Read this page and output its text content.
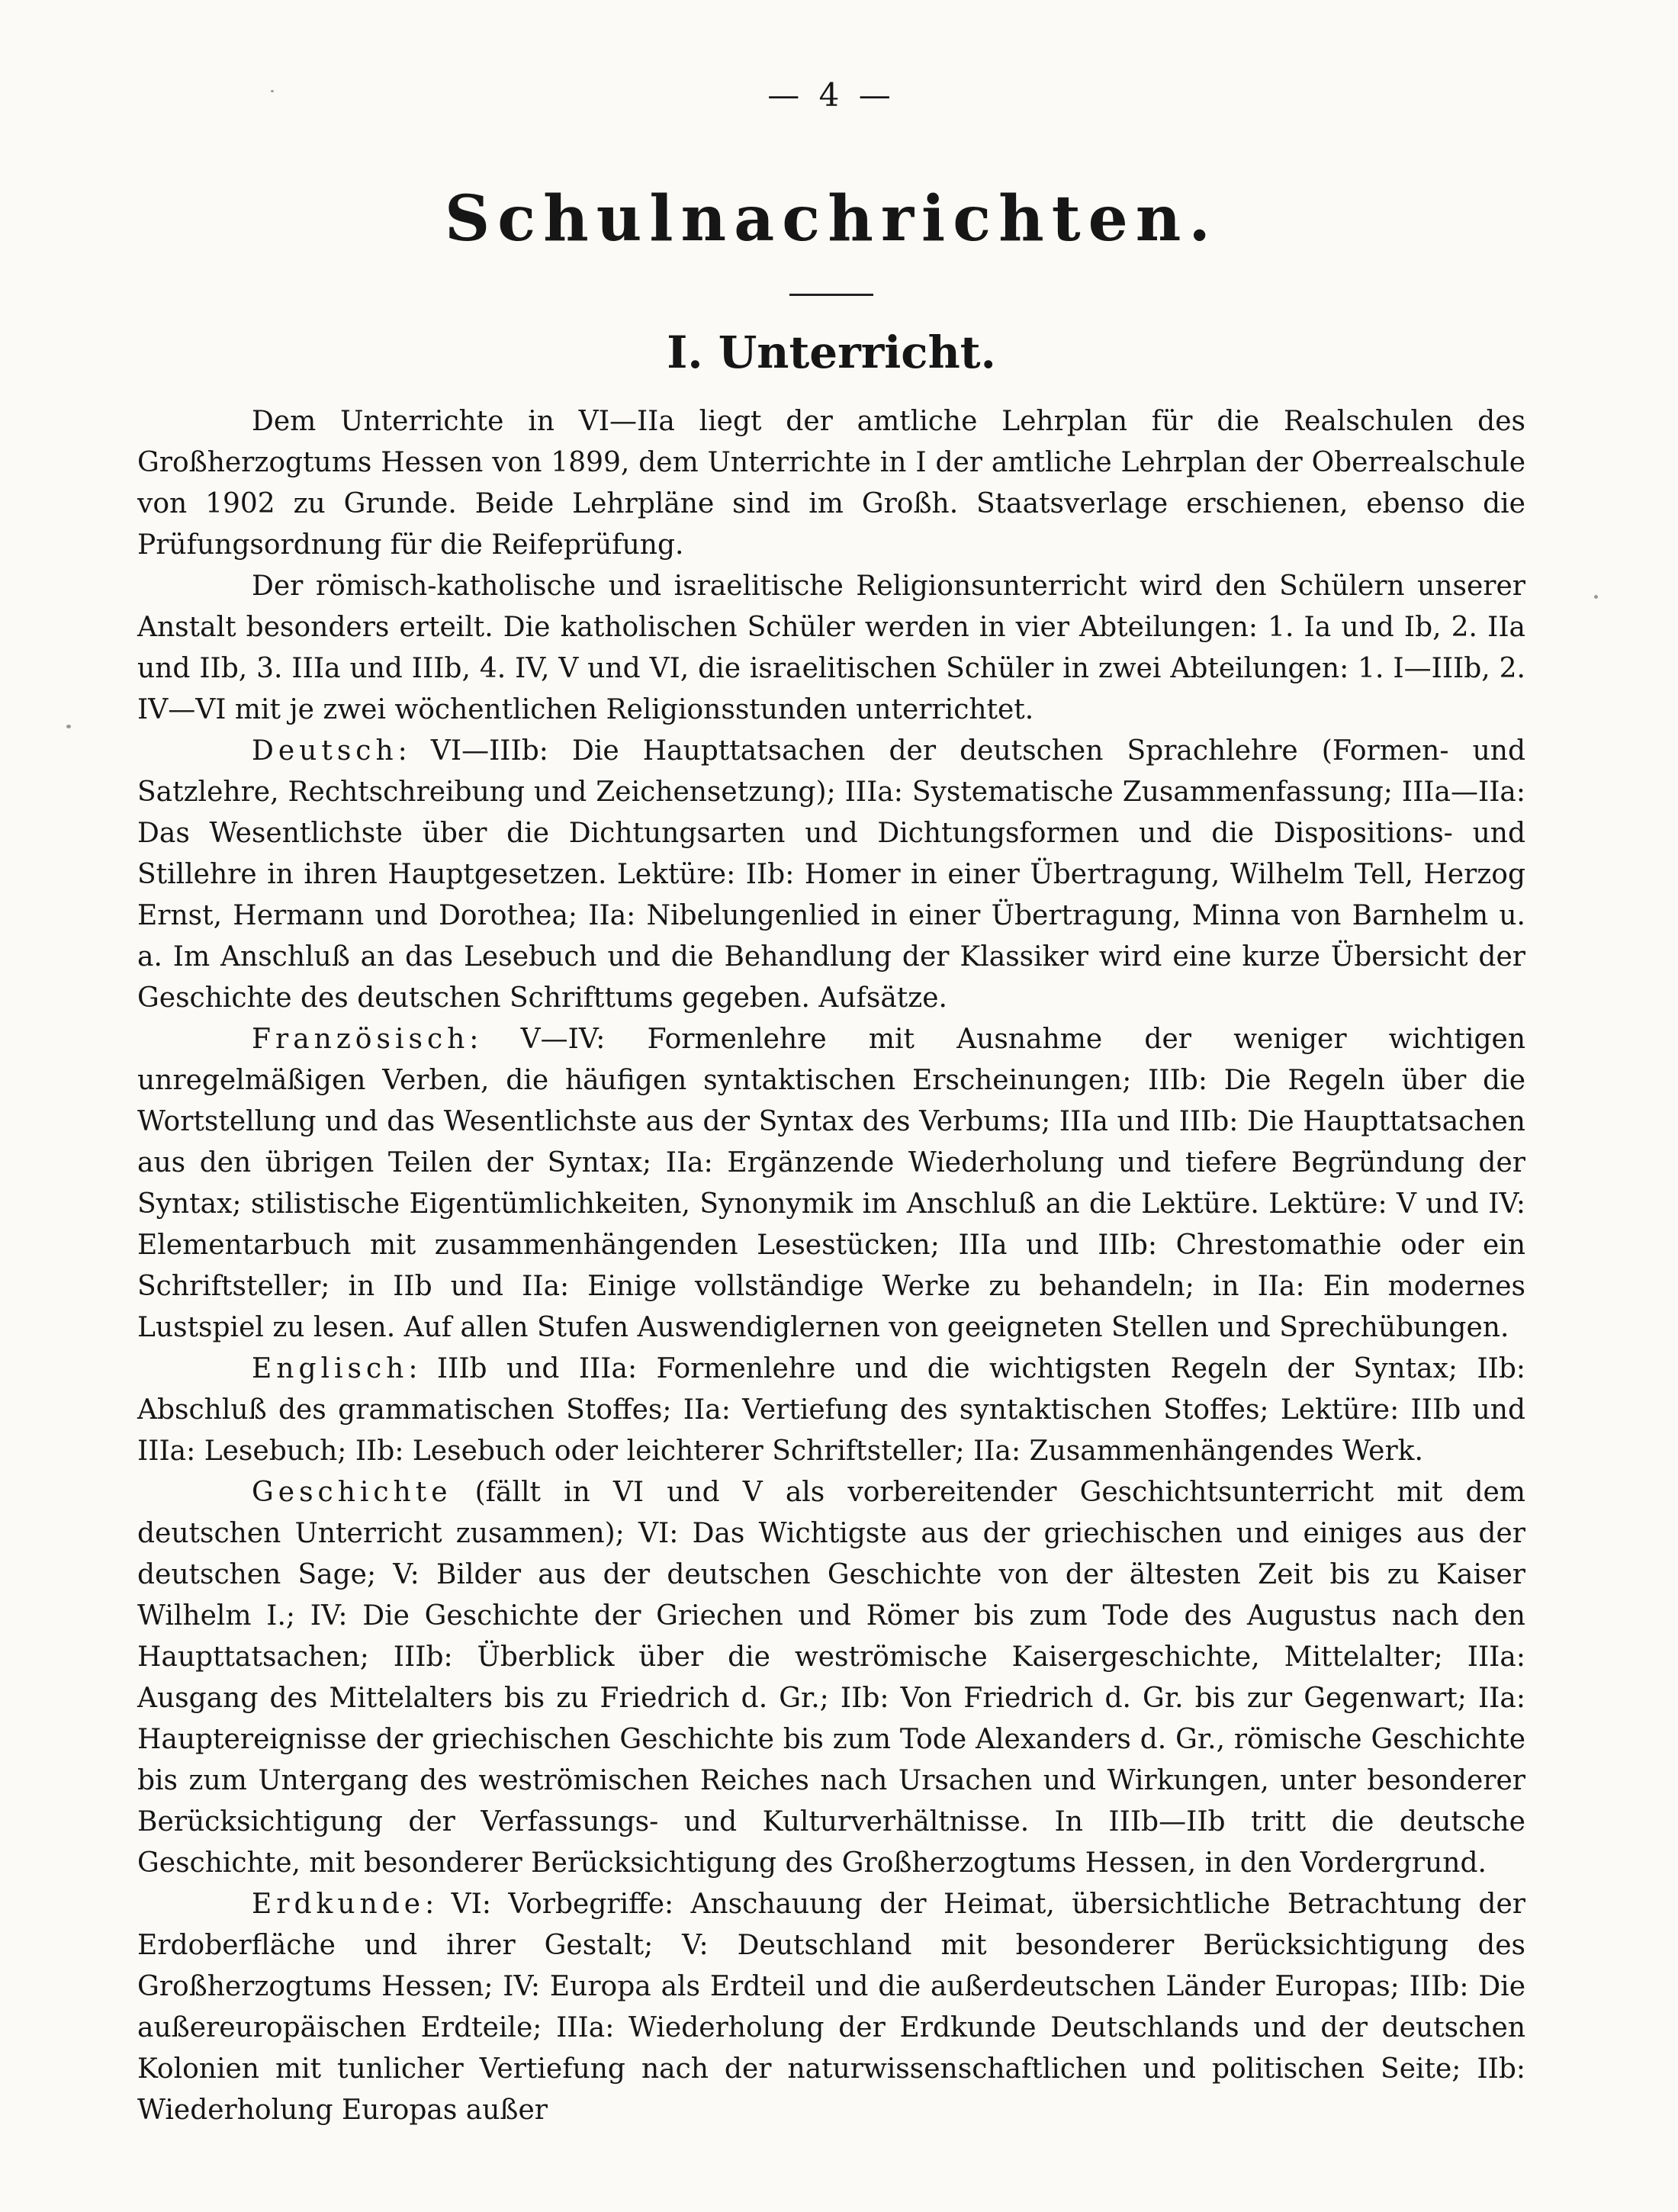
— 4 —
Schulnachrichten.
I. Unterricht.

Dem Unterrichte in VI—IIa liegt der amtliche Lehrplan für die Realschulen des Großherzogtums Hessen von 1899, dem Unterrichte in I der amtliche Lehrplan der Oberrealschule von 1902 zu Grunde. Beide Lehrpläne sind im Großh. Staatsverlage erschienen, ebenso die Prüfungsordnung für die Reifeprüfung.

Der römisch-katholische und israelitische Religionsunterricht wird den Schülern unserer Anstalt besonders erteilt. Die katholischen Schüler werden in vier Abteilungen: 1. Ia und Ib, 2. IIa und IIb, 3. IIIa und IIIb, 4. IV, V und VI, die israelitischen Schüler in zwei Abteilungen: 1. I—IIIb, 2. IV—VI mit je zwei wöchentlichen Religionsstunden unterrichtet.

Deutsch: VI—IIIb: Die Haupttatsachen der deutschen Sprachlehre (Formen- und Satzlehre, Rechtschreibung und Zeichensetzung); IIIa: Systematische Zusammenfassung; IIIa—IIa: Das Wesentlichste über die Dichtungsarten und Dichtungsformen und die Dispositions- und Stillehre in ihren Hauptgesetzen. Lektüre: IIb: Homer in einer Übertragung, Wilhelm Tell, Herzog Ernst, Hermann und Dorothea; IIa: Nibelungenlied in einer Übertragung, Minna von Barnhelm u. a. Im Anschluß an das Lesebuch und die Behandlung der Klassiker wird eine kurze Übersicht der Geschichte des deutschen Schrifttums gegeben. Aufsätze.

Französisch: V—IV: Formenlehre mit Ausnahme der weniger wichtigen unregelmäßigen Verben, die häufigen syntaktischen Erscheinungen; IIIb: Die Regeln über die Wortstellung und das Wesentlichste aus der Syntax des Verbums; IIIa und IIIb: Die Haupttatsachen aus den übrigen Teilen der Syntax; IIa: Ergänzende Wiederholung und tiefere Begründung der Syntax; stilistische Eigentümlichkeiten, Synonymik im Anschluß an die Lektüre. Lektüre: V und IV: Elementarbuch mit zusammenhängenden Lesestücken; IIIa und IIIb: Chrestomathie oder ein Schriftsteller; in IIb und IIa: Einige vollständige Werke zu behandeln; in IIa: Ein modernes Lustspiel zu lesen. Auf allen Stufen Auswendiglernen von geeigneten Stellen und Sprechübungen.

Englisch: IIIb und IIIa: Formenlehre und die wichtigsten Regeln der Syntax; IIb: Abschluß des grammatischen Stoffes; IIa: Vertiefung des syntaktischen Stoffes; Lektüre: IIIb und IIIa: Lesebuch; IIb: Lesebuch oder leichterer Schriftsteller; IIa: Zusammenhängendes Werk.

Geschichte (fällt in VI und V als vorbereitender Geschichtsunterricht mit dem deutschen Unterricht zusammen); VI: Das Wichtigste aus der griechischen und einiges aus der deutschen Sage; V: Bilder aus der deutschen Geschichte von der ältesten Zeit bis zu Kaiser Wilhelm I.; IV: Die Geschichte der Griechen und Römer bis zum Tode des Augustus nach den Haupttatsachen; IIIb: Überblick über die weströmische Kaisergeschichte, Mittelalter; IIIa: Ausgang des Mittelalters bis zu Friedrich d. Gr.; IIb: Von Friedrich d. Gr. bis zur Gegenwart; IIa: Hauptereignisse der griechischen Geschichte bis zum Tode Alexanders d. Gr., römische Geschichte bis zum Untergang des weströmischen Reiches nach Ursachen und Wirkungen, unter besonderer Berücksichtigung der Verfassungs- und Kulturverhältnisse. In IIIb—IIb tritt die deutsche Geschichte, mit besonderer Berücksichtigung des Großherzogtums Hessen, in den Vordergrund.

Erdkunde: VI: Vorbegriffe: Anschauung der Heimat, übersichtliche Betrachtung der Erdoberfläche und ihrer Gestalt; V: Deutschland mit besonderer Berücksichtigung des Großherzogtums Hessen; IV: Europa als Erdteil und die außerdeutschen Länder Europas; IIIb: Die außereuropäischen Erdteile; IIIa: Wiederholung der Erdkunde Deutschlands und der deutschen Kolonien mit tunlicher Vertiefung nach der naturwissenschaftlichen und politischen Seite; IIb: Wiederholung Europas außer
